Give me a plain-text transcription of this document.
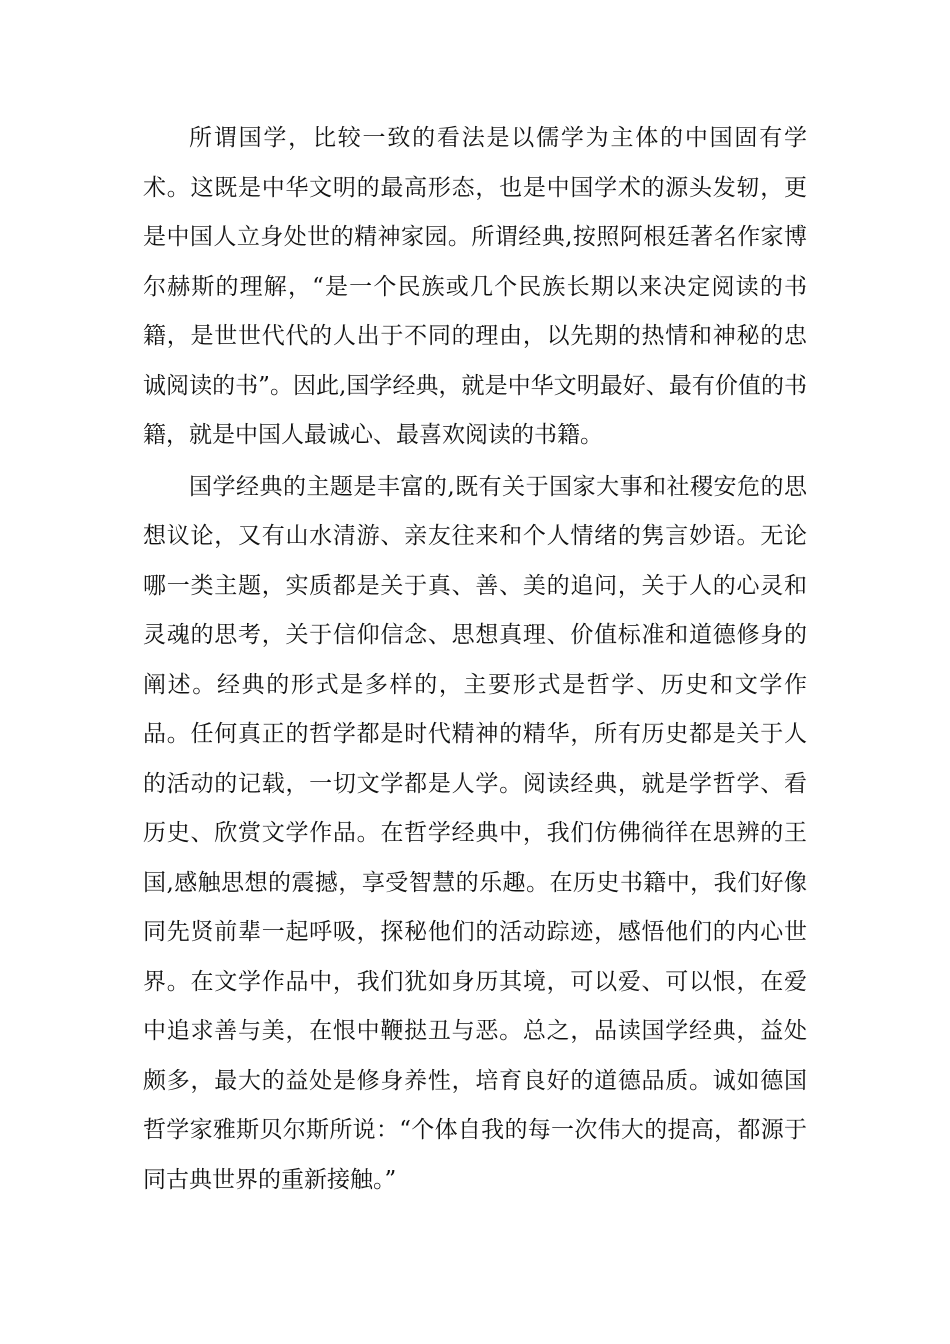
所谓国学，比较一致的看法是以儒学为主体的中国固有学术。这既是中华文明的最高形态，也是中国学术的源头发轫，更是中国人立身处世的精神家园。所谓经典,按照阿根廷著名作家博尔赫斯的理解，“是一个民族或几个民族长期以来决定阅读的书籍，是世世代代的人出于不同的理由，以先期的热情和神秘的忠诚阅读的书”。因此,国学经典，就是中华文明最好、最有价值的书籍，就是中国人最诚心、最喜欢阅读的书籍。

国学经典的主题是丰富的,既有关于国家大事和社稷安危的思想议论，又有山水清游、亲友往来和个人情绪的隽言妙语。无论哪一类主题，实质都是关于真、善、美的追问，关于人的心灵和灵魂的思考，关于信仰信念、思想真理、价值标准和道德修身的阐述。经典的形式是多样的，主要形式是哲学、历史和文学作品。任何真正的哲学都是时代精神的精华，所有历史都是关于人的活动的记载，一切文学都是人学。阅读经典，就是学哲学、看历史、欣赏文学作品。在哲学经典中，我们仿佛徜徉在思辨的王国,感触思想的震撼，享受智慧的乐趣。在历史书籍中，我们好像同先贤前辈一起呼吸，探秘他们的活动踪迹，感悟他们的内心世界。在文学作品中，我们犹如身历其境，可以爱、可以恨，在爱中追求善与美，在恨中鞭挞丑与恶。总之，品读国学经典，益处颇多，最大的益处是修身养性，培育良好的道德品质。诚如德国哲学家雅斯贝尔斯所说：“个体自我的每一次伟大的提高，都源于同古典世界的重新接触。”
